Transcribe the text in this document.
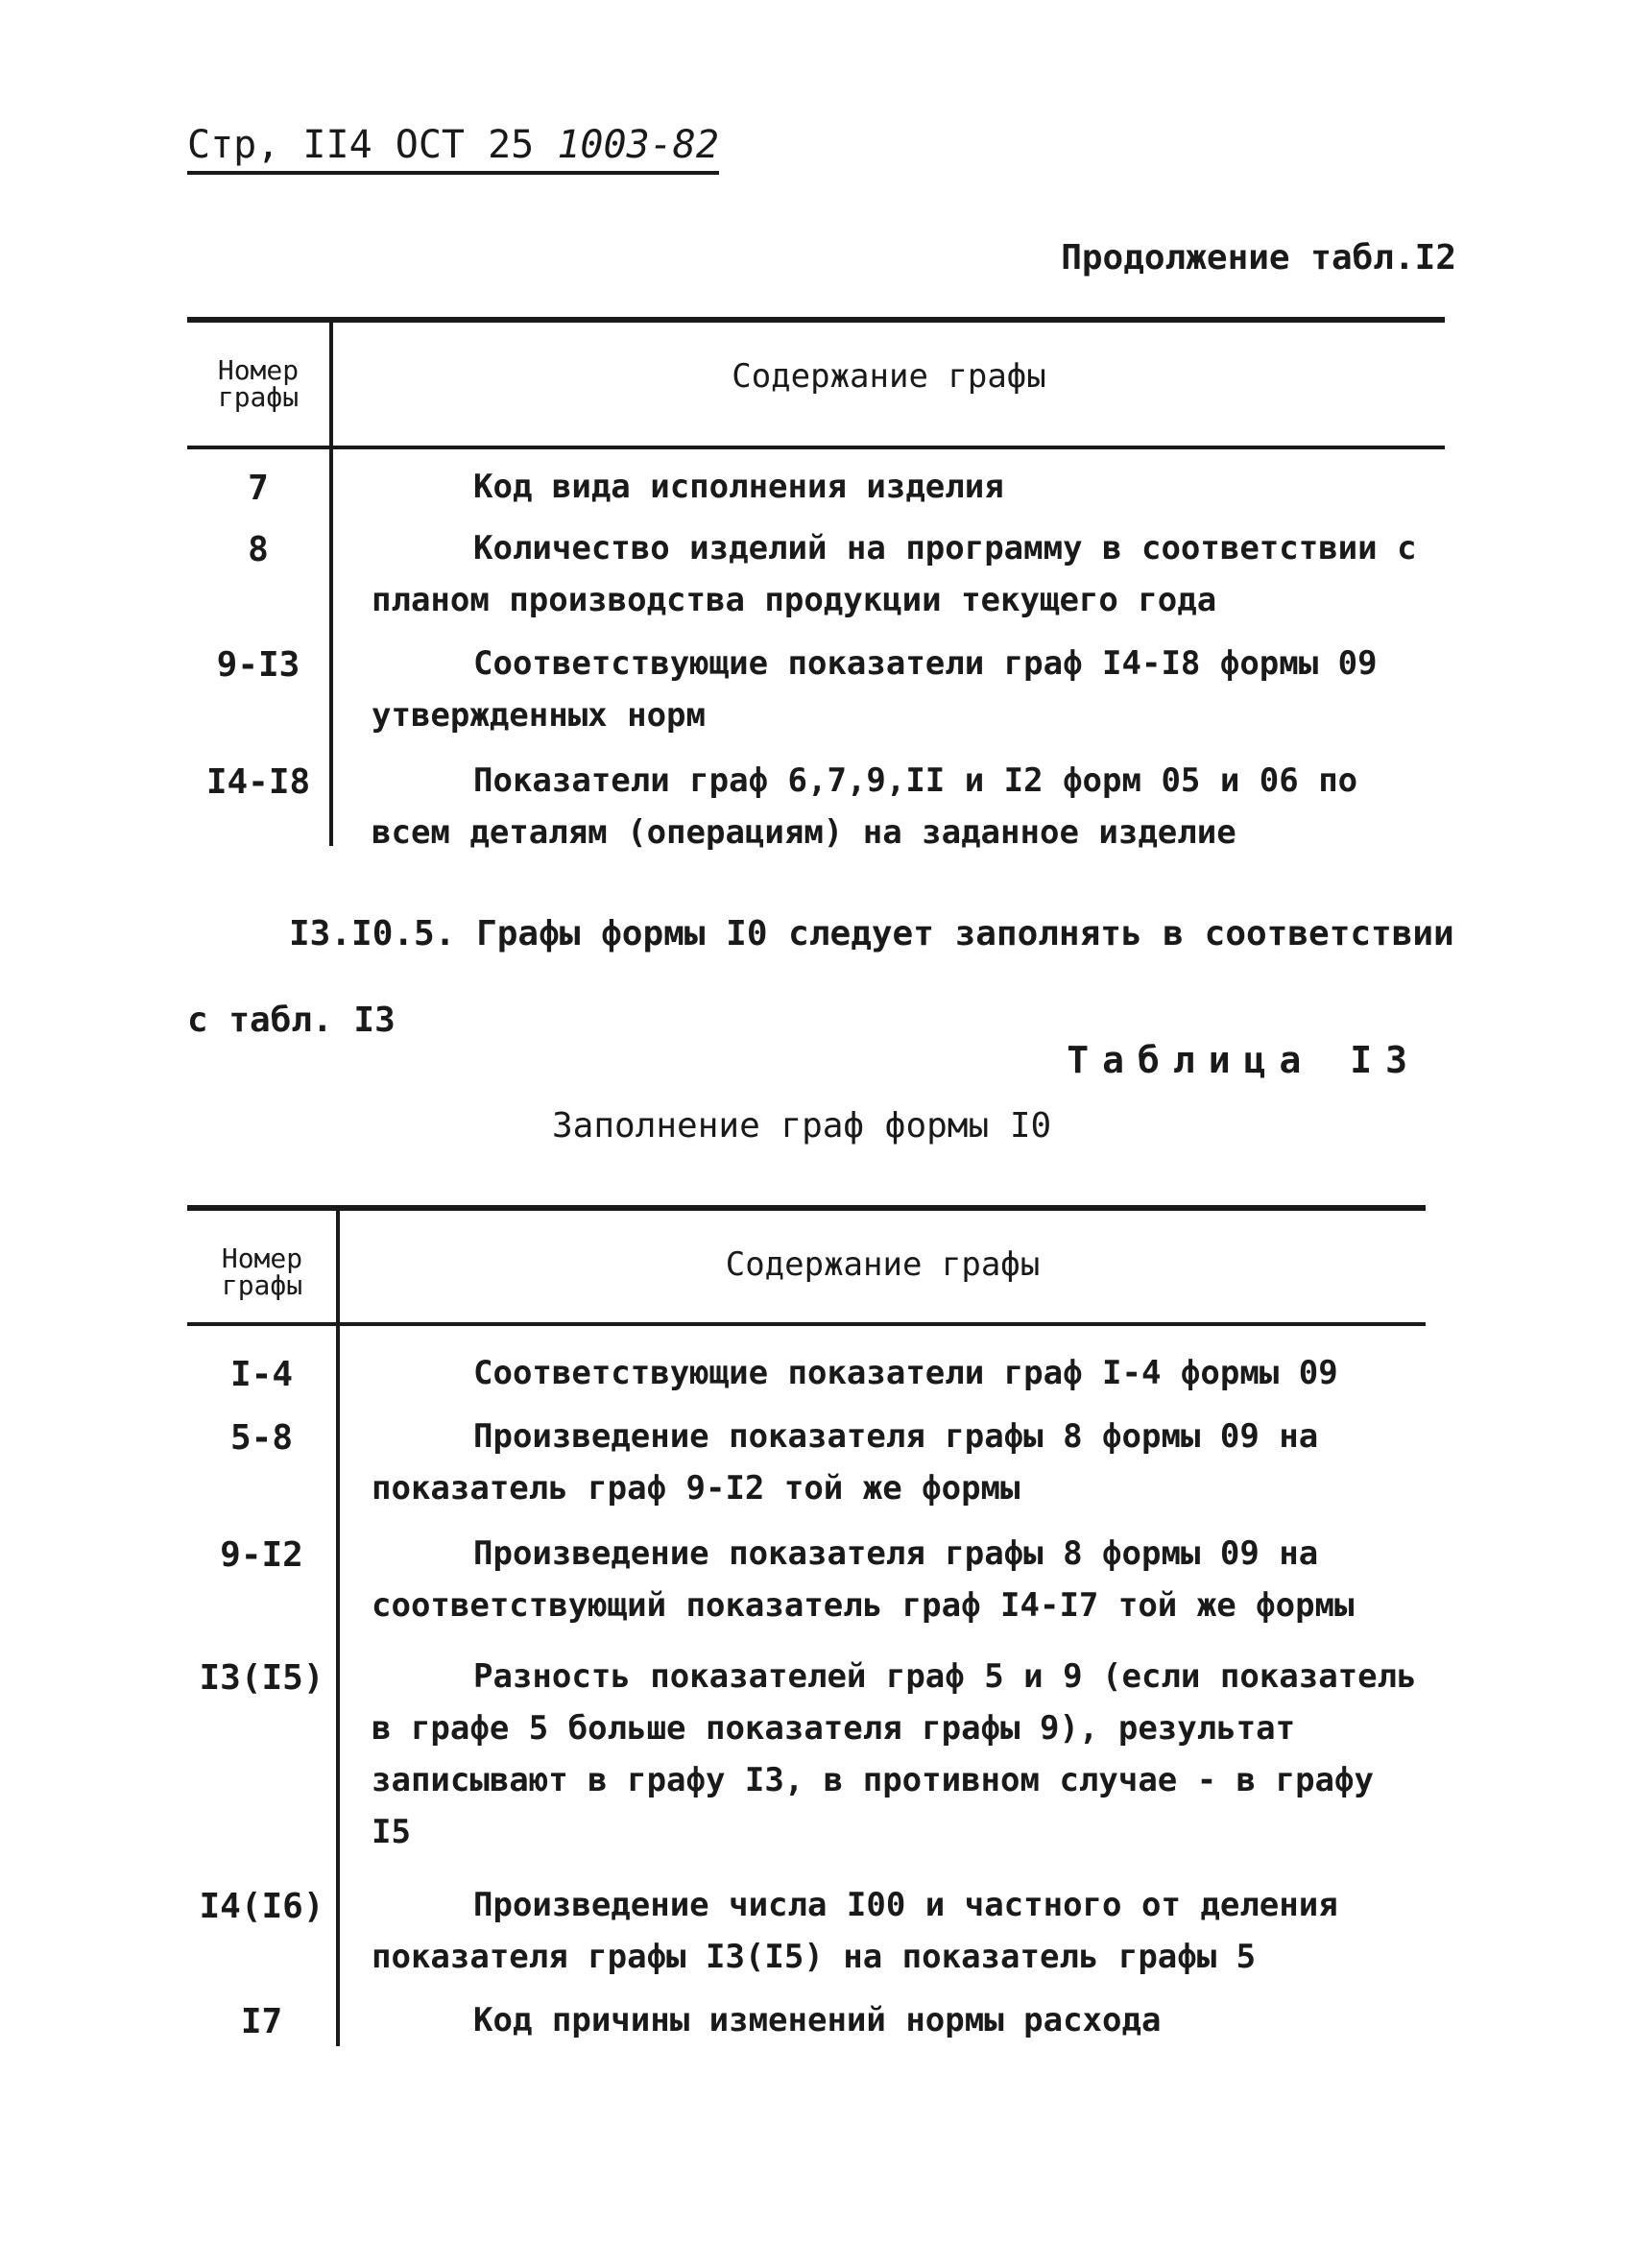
Стр, II4 ОСТ 25 1003-82
Продолжение табл.I2
Номер графы
Содержание графы
7	Код вида исполнения изделия
8	Количество изделий на программу в соответствии с планом производства продукции текущего года
9-I3	Соответствующие показатели граф I4-I8 формы 09 утвержденных норм
I4-I8	Показатели граф 6,7,9,II и I2 форм 05 и 06 по всем деталям (операциям) на заданное изделие
I3.I0.5. Графы формы I0 следует заполнять в соответствии с табл. I3
Таблица I3
Заполнение граф формы I0
Номер графы
Содержание графы
I-4	Соответствующие показатели граф I-4 формы 09
5-8	Произведение показателя графы 8 формы 09 на показатель граф 9-I2 той же формы
9-I2	Произведение показателя графы 8 формы 09 на соответствующий показатель граф I4-I7 той же формы
I3(I5)	Разность показателей граф 5 и 9 (если показатель в графе 5 больше показателя графы 9), результат записывают в графу I3, в противном случае - в графу I5
I4(I6)	Произведение числа I00 и частного от деления показателя графы I3(I5) на показатель графы 5
I7	Код причины изменений нормы расхода
